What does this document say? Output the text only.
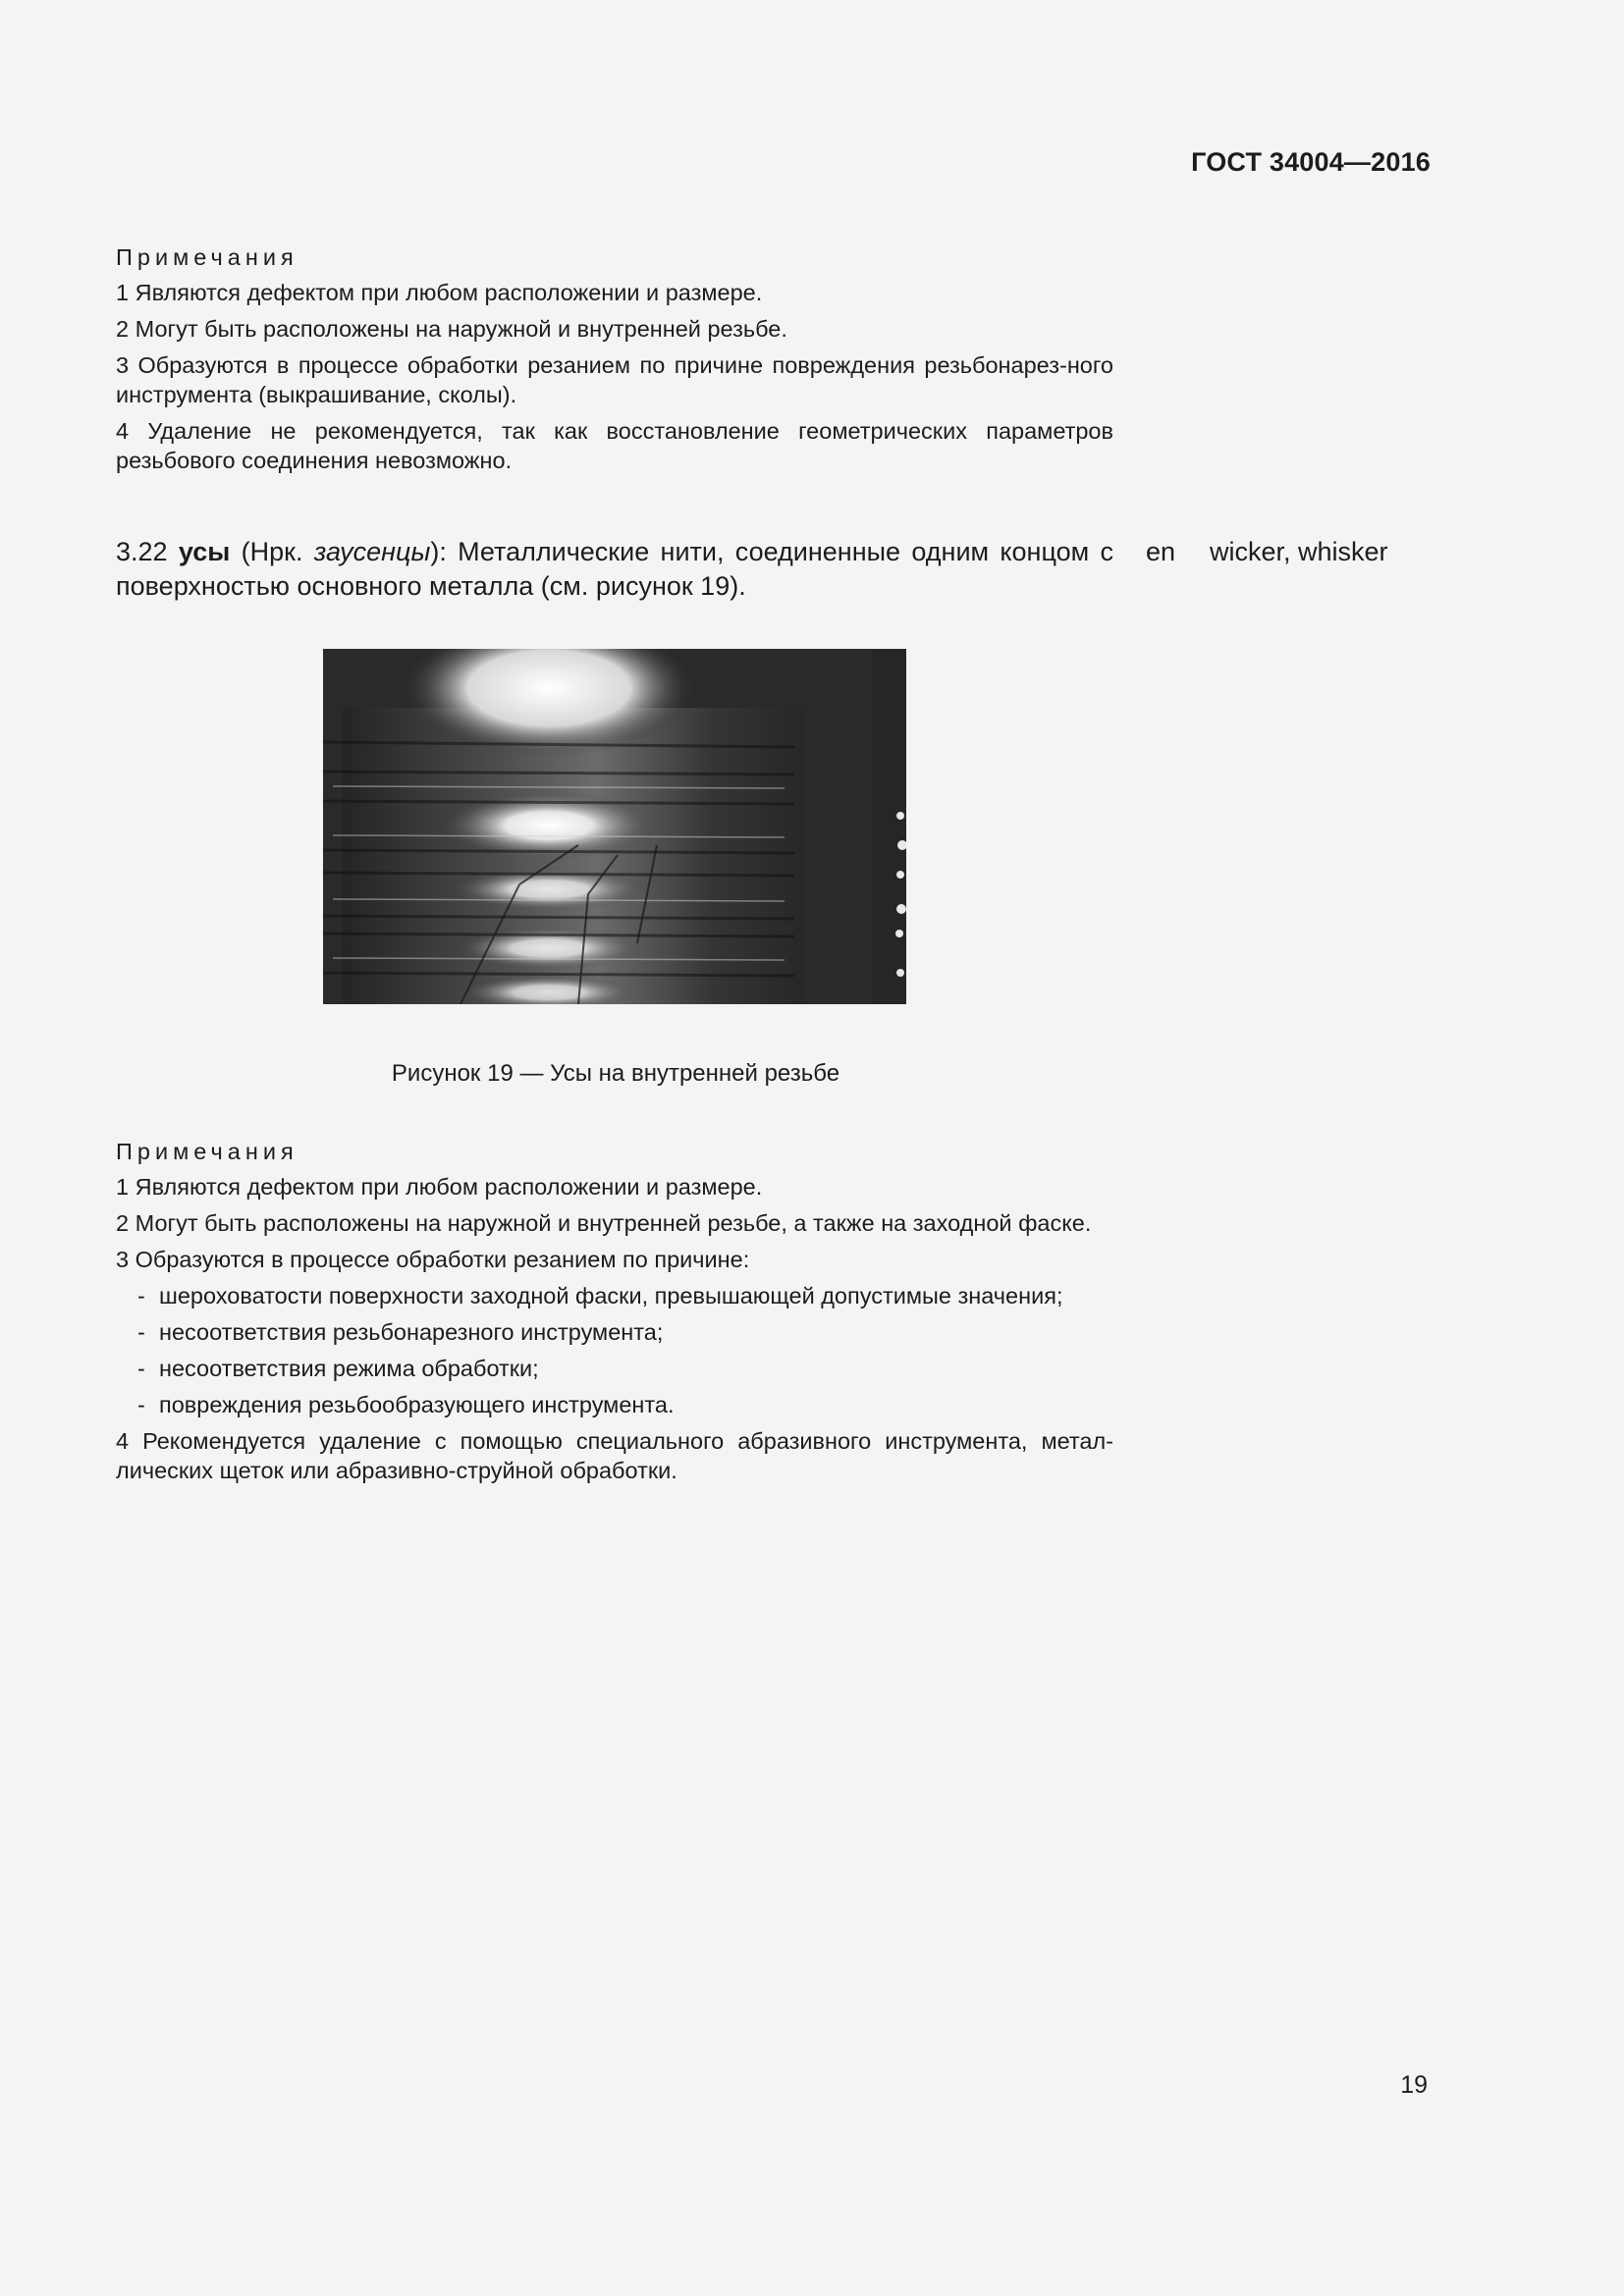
ГОСТ 34004—2016
Примечания
1 Являются дефектом при любом расположении и размере.
2 Могут быть расположены на наружной и внутренней резьбе.
3 Образуются в процессе обработки резанием по причине повреждения резьбонарез-ного инструмента (выкрашивание, сколы).
4 Удаление не рекомендуется, так как восстановление геометрических параметров резьбового соединения невозможно.
3.22 усы (Нрк. заусенцы): Металлические нити, соединенные одним концом с поверхностью основного металла (см. рисунок 19).
en wicker, whisker
Рисунок 19 — Усы на внутренней резьбе
Примечания
1 Являются дефектом при любом расположении и размере.
2 Могут быть расположены на наружной и внутренней резьбе, а также на заходной фаске.
3 Образуются в процессе обработки резанием по причине:
- шероховатости поверхности заходной фаски, превышающей допустимые значения;
- несоответствия резьбонарезного инструмента;
- несоответствия режима обработки;
- повреждения резьбообразующего инструмента.
4 Рекомендуется удаление с помощью специального абразивного инструмента, метал-лических щеток или абразивно-струйной обработки.
19
